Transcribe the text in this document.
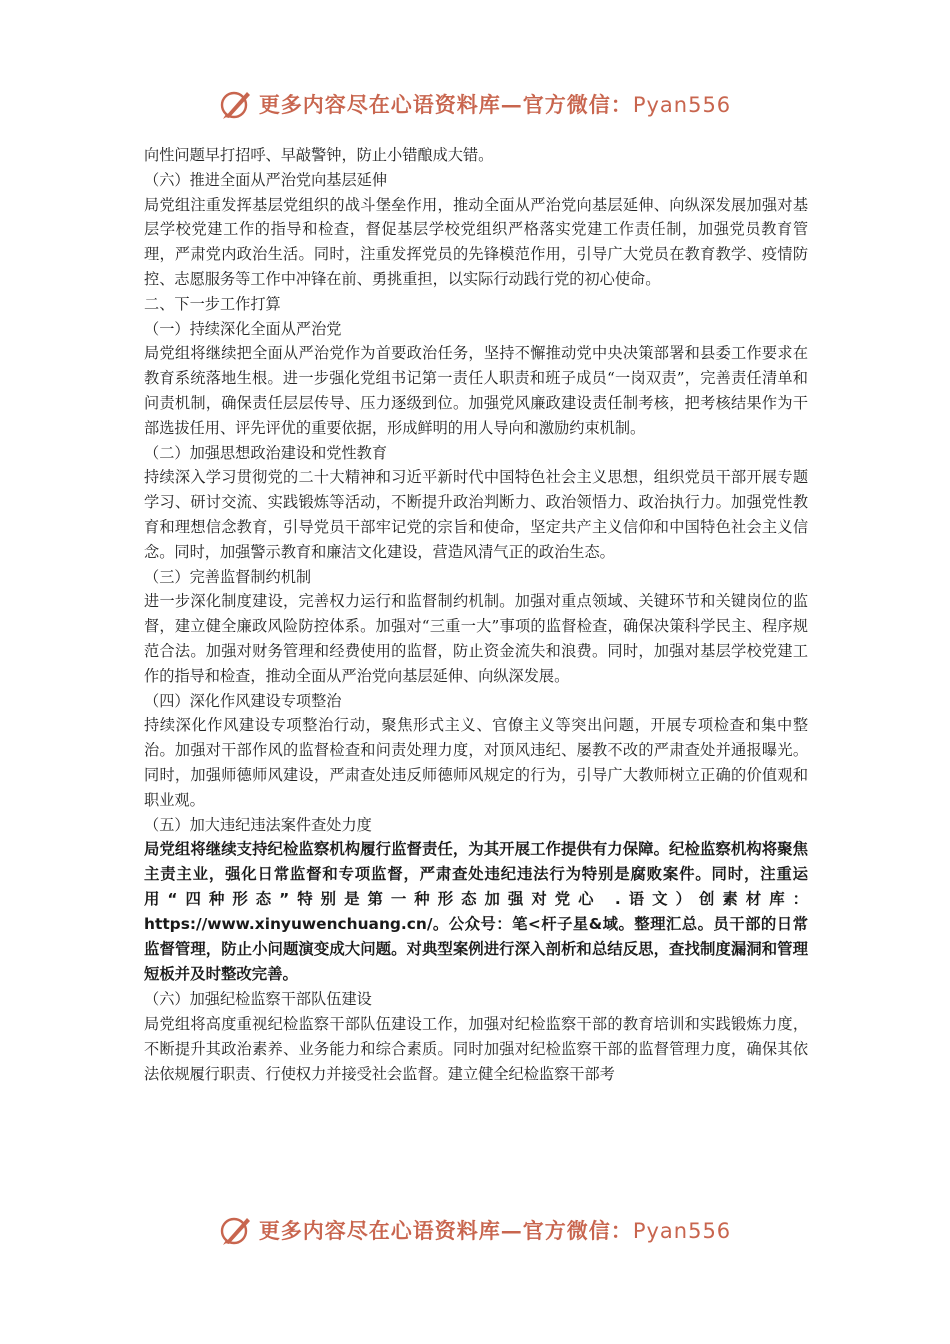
更多内容尽在心语资料库—官方微信：Pyan556

向性问题早打招呼、早敲警钟，防止小错酿成大错。

（六）推进全面从严治党向基层延伸

局党组注重发挥基层党组织的战斗堡垒作用，推动全面从严治党向基层延伸、向纵深发展加强对基层学校党建工作的指导和检查，督促基层学校党组织严格落实党建工作责任制，加强党员教育管理，严肃党内政治生活。同时，注重发挥党员的先锋模范作用，引导广大党员在教育教学、疫情防控、志愿服务等工作中冲锋在前、勇挑重担，以实际行动践行党的初心使命。

二、下一步工作打算

（一）持续深化全面从严治党

局党组将继续把全面从严治党作为首要政治任务，坚持不懈推动党中央决策部署和县委工作要求在教育系统落地生根。进一步强化党组书记第一责任人职责和班子成员“一岗双责”，完善责任清单和问责机制，确保责任层层传导、压力逐级到位。加强党风廉政建设责任制考核，把考核结果作为干部选拔任用、评先评优的重要依据，形成鲜明的用人导向和激励约束机制。

（二）加强思想政治建设和党性教育

持续深入学习贯彻党的二十大精神和习近平新时代中国特色社会主义思想，组织党员干部开展专题学习、研讨交流、实践锻炼等活动，不断提升政治判断力、政治领悟力、政治执行力。加强党性教育和理想信念教育，引导党员干部牢记党的宗旨和使命，坚定共产主义信仰和中国特色社会主义信念。同时，加强警示教育和廉洁文化建设，营造风清气正的政治生态。

（三）完善监督制约机制

进一步深化制度建设，完善权力运行和监督制约机制。加强对重点领域、关键环节和关键岗位的监督，建立健全廉政风险防控体系。加强对“三重一大”事项的监督检查，确保决策科学民主、程序规范合法。加强对财务管理和经费使用的监督，防止资金流失和浪费。同时，加强对基层学校党建工作的指导和检查，推动全面从严治党向基层延伸、向纵深发展。

（四）深化作风建设专项整治

持续深化作风建设专项整治行动，聚焦形式主义、官僚主义等突出问题，开展专项检查和集中整治。加强对干部作风的监督检查和问责处理力度，对顶风违纪、屡教不改的严肃查处并通报曝光。同时，加强师德师风建设，严肃查处违反师德师风规定的行为，引导广大教师树立正确的价值观和职业观。

（五）加大违纪违法案件查处力度

局党组将继续支持纪检监察机构履行监督责任，为其开展工作提供有力保障。纪检监察机构将聚焦主责主业，强化日常监督和专项监督，严肃查处违纪违法行为特别是腐败案件。同时，注重运用“四种形态”特别是第一种形态加强对党心 .语文）创素材库：https://www.xinyuwenchuang.cn/。公众号：笔<杆子星&域。整理汇总。员干部的日常监督管理，防止小问题演变成大问题。对典型案例进行深入剖析和总结反思，查找制度漏洞和管理短板并及时整改完善。

（六）加强纪检监察干部队伍建设

局党组将高度重视纪检监察干部队伍建设工作，加强对纪检监察干部的教育培训和实践锻炼力度，不断提升其政治素养、业务能力和综合素质。同时加强对纪检监察干部的监督管理力度，确保其依法依规履行职责、行使权力并接受社会监督。建立健全纪检监察干部考

更多内容尽在心语资料库—官方微信：Pyan556
